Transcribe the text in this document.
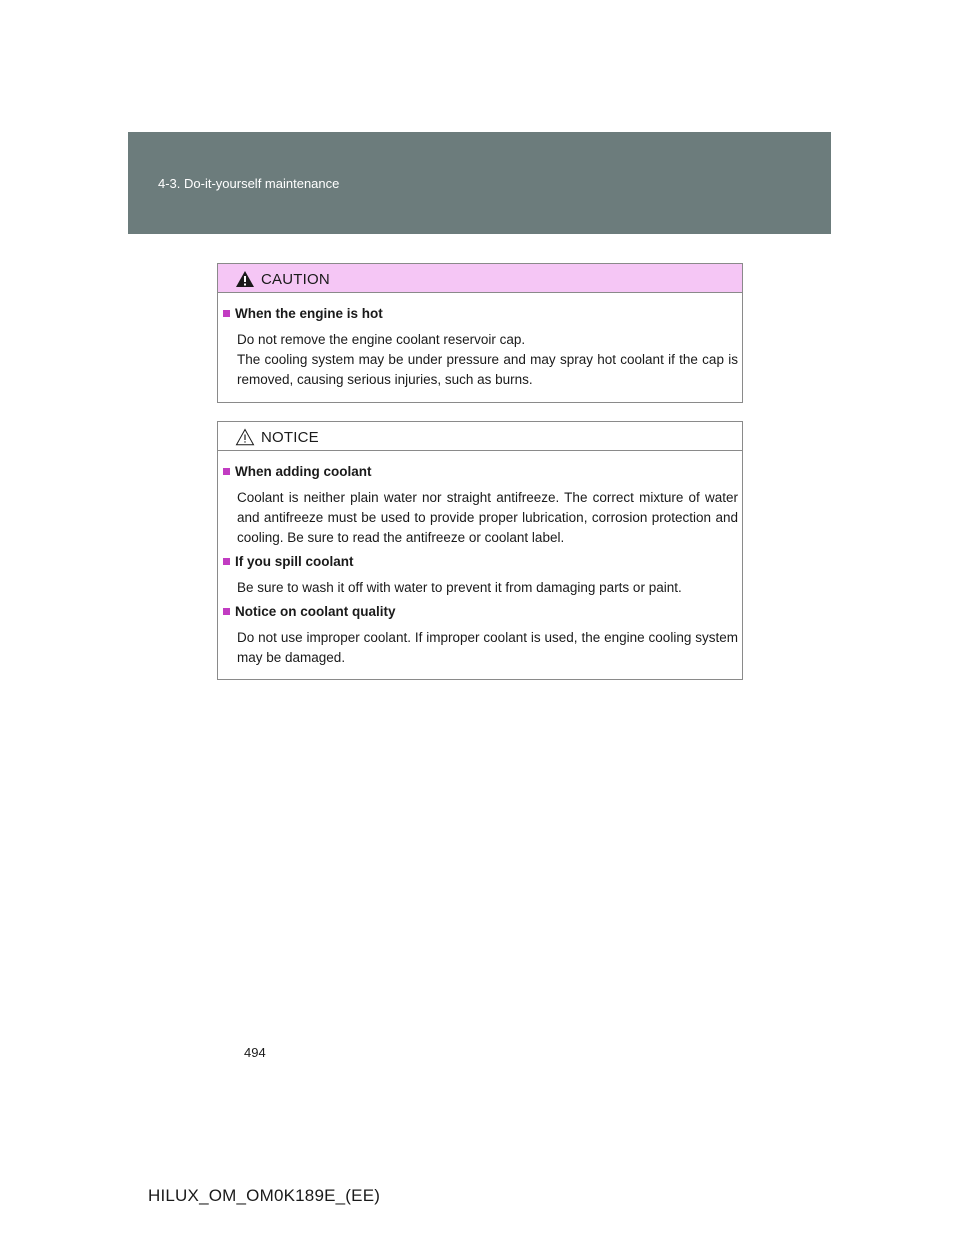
4-3. Do-it-yourself maintenance
CAUTION
When the engine is hot

Do not remove the engine coolant reservoir cap.

The cooling system may be under pressure and may spray hot coolant if the cap is removed, causing serious injuries, such as burns.

NOTICE
When adding coolant

Coolant is neither plain water nor straight antifreeze. The correct mixture of water and antifreeze must be used to provide proper lubrication, corrosion protection and cooling. Be sure to read the antifreeze or coolant label.

If you spill coolant

Be sure to wash it off with water to prevent it from damaging parts or paint.

Notice on coolant quality

Do not use improper coolant. If improper coolant is used, the engine cooling system may be damaged.

494
HILUX_OM_OM0K189E_(EE)
